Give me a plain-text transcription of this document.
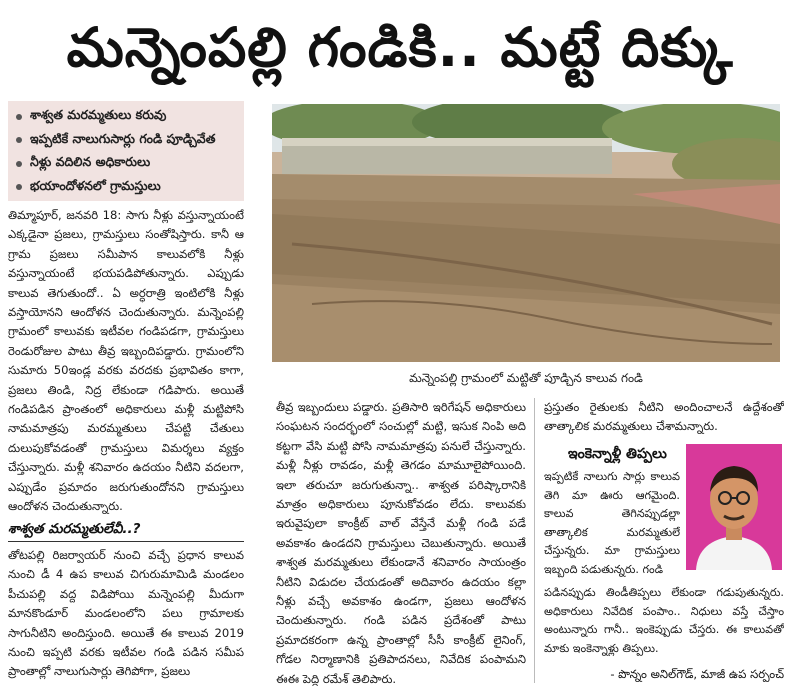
మన్నెంపల్లి గండికి.. మట్టే దిక్కు
శాశ్వత మరమ్మతులు కరువు
ఇప్పటికే నాలుగుసార్లు గండి పూడ్చివేత
నీళ్లు వదిలిన అధికారులు
భయాందోళనలో గ్రామస్తులు
మన్నెంపల్లి గ్రామంలో మట్టితో పూడ్చిన కాలువ గండి

తిమ్మాపూర్, జనవరి 18: సాగు నీళ్లు వస్తున్నాయంటే ఎక్కడైనా ప్రజలు, గ్రామస్తులు సంతోషిస్తారు. కానీ ఆ గ్రామ ప్రజలు సమీపాన కాలువలోకి నీళ్లు వస్తున్నాయంటే భయపడిపోతున్నారు. ఎప్పుడు కాలువ తెగుతుందో.. ఏ అర్ధరాత్రి ఇంటిలోకి నీళ్లు వస్తాయోనని ఆందోళన చెందుతున్నారు. మన్నెంపల్లి గ్రామంలో కాలువకు ఇటీవల గండిపడగా, గ్రామస్తులు రెండురోజుల పాటు తీవ్ర ఇబ్బందిపడ్డారు. గ్రామంలోని సుమారు 50ఇండ్ల వరకు వరదకు ప్రభావితం కాగా, ప్రజలు తిండి, నిద్ర లేకుండా గడిపారు. అయితే గండిపడిన ప్రాంతంలో అధికారులు మళ్లీ మట్టిపోసి నామమాత్రపు మరమ్మతులు చేపట్టి చేతులు దులుపుకోవడంతో గ్రామస్తులు విమర్శలు వ్యక్తం చేస్తున్నారు. మళ్లీ శనివారం ఉదయం నీటిని వదలగా, ఎప్పుడేం ప్రమాదం జరుగుతుందోనని గ్రామస్తులు ఆందోళన చెందుతున్నారు.

శాశ్వత మరమ్మతులేవీ..?

తోటపల్లి రిజర్వాయర్ నుంచి వచ్చే ప్రధాన కాలువ నుంచి డీ 4 ఉప కాలువ చిగురుమామిడి మండలం పీచుపల్లి వద్ద విడిపోయి మన్నెంపల్లి మీదుగా మానకొండూర్ మండలంలోని పలు గ్రామాలకు సాగునీటిని అందిస్తుంది. అయితే ఈ కాలువ 2019 నుంచి ఇప్పటి వరకు ఇటీవల గండి పడిన సమీప ప్రాంతాల్లో నాలుగుసార్లు తెగిపోగా, ప్రజలు

తీవ్ర ఇబ్బందులు పడ్డారు. ప్రతిసారి ఇరిగేషన్ అధికారులు సంఘటన సందర్భంలో సంచుల్లో మట్టి, ఇసుక నింపి అది కట్టగా వేసి మట్టి పోసి నామమాత్రపు పనులే చేస్తున్నారు. మళ్లీ నీళ్లు రావడం, మళ్లీ తెగడం మామూలైపోయింది. ఇలా తరుచూ జరుగుతున్నా.. శాశ్వత పరిష్కారానికి మాత్రం అధికారులు పూనుకోవడం లేదు. కాలువకు ఇరువైపులా కాంక్రీట్ వాల్ వేస్తేనే మళ్లీ గండి పడే అవకాశం ఉండదని గ్రామస్తులు చెబుతున్నారు. అయితే శాశ్వత మరమ్మతులు లేకుండానే శనివారం సాయంత్రం నీటిని విడుదల చేయడంతో అదివారం ఉదయం కల్లా నీళ్లు వచ్చే అవకాశం ఉండగా, ప్రజలు ఆందోళన చెందుతున్నారు. గండి పడిన ప్రదేశంతో పాటు ప్రమాదకరంగా ఉన్న ప్రాంతాల్లో సీసీ కాంక్రీట్ లైనింగ్, గోడల నిర్మాణానికి ప్రతిపాదనలు, నివేదిక పంపామని ఈఈ పెద్ది రమేశ్ తెలిపారు.

ప్రస్తుతం రైతులకు నీటిని అందించాలనే ఉద్దేశంతో తాత్కాలిక మరమ్మతులు చేశామన్నారు.

ఇంకెన్నాళ్లీ తిప్పలు

ఇప్పటికే నాలుగు సార్లు కాలువ తెగి మా ఊరు ఆగమైంది. కాలువ తెగినప్పుడల్లా తాత్కాలిక మరమ్మతులే చేస్తున్నరు. మా గ్రామస్తులు ఇబ్బంది పడుతున్నరు. గండి

పడినప్పుడు తిండీతిప్పలు లేకుండా గడుపుతున్నరు. అధికారులు నివేదిక పంపాం.. నిధులు వస్తే చేస్తాం అంటున్నారు గానీ.. ఇంకెప్పుడు చేస్తరు. ఈ కాలువతో మాకు ఇంకెన్నాళ్లు తిప్పలు.

- పొన్నం అనిల్‌గౌడ్, మాజీ ఉప సర్పంచ్
